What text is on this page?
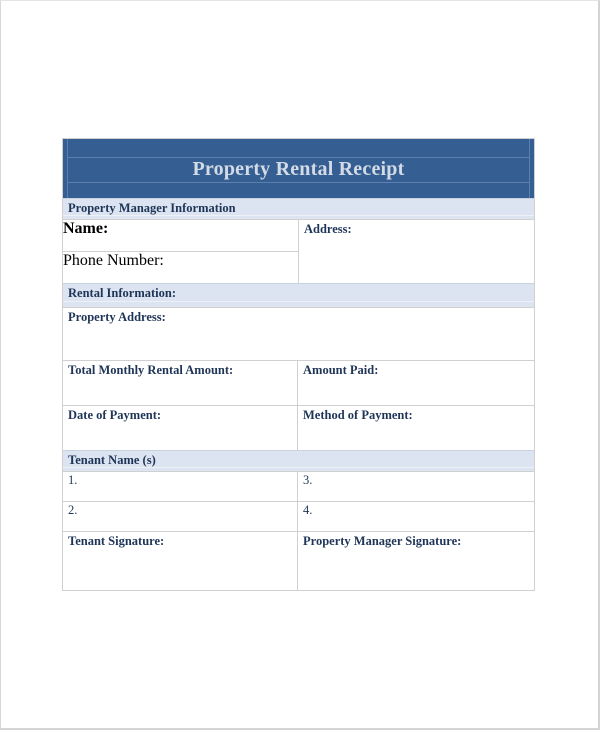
Property Rental Receipt
Property Manager Information
Name:
Phone Number:
Address:
Rental Information:
Property Address:
Total Monthly Rental Amount:	Amount Paid:
Date of Payment:	Method of Payment:
Tenant Name (s)
1.	3.
2.	4.
Tenant Signature:	Property Manager Signature:
